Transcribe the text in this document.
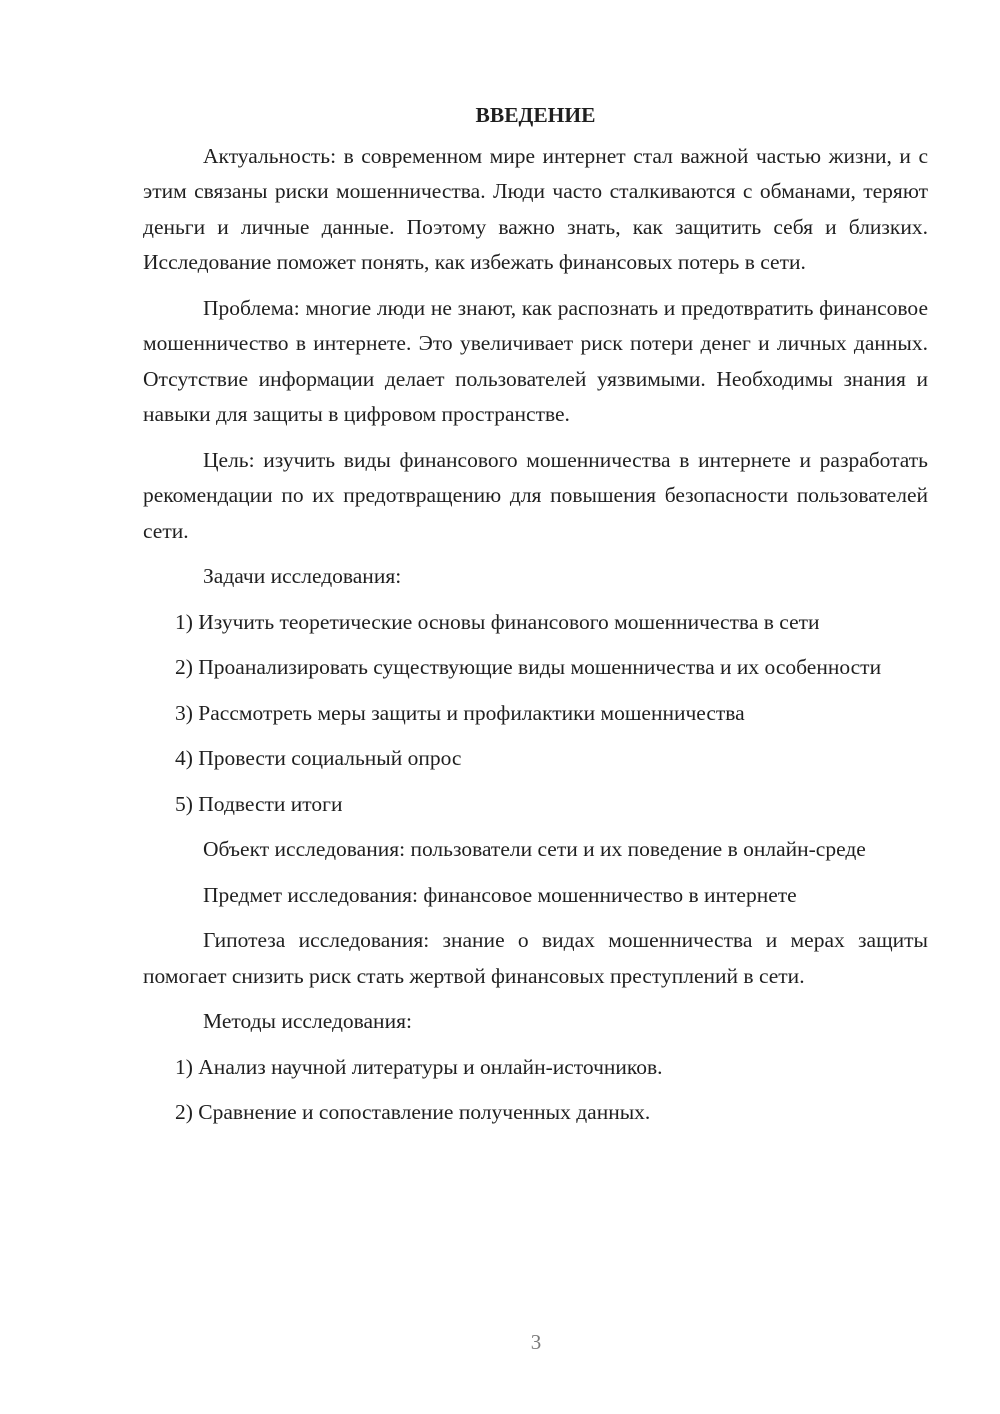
ВВЕДЕНИЕ
Актуальность: в современном мире интернет стал важной частью жизни, и с этим связаны риски мошенничества. Люди часто сталкиваются с обманами, теряют деньги и личные данные. Поэтому важно знать, как защитить себя и близких. Исследование поможет понять, как избежать финансовых потерь в сети.
Проблема: многие люди не знают, как распознать и предотвратить финансовое мошенничество в интернете. Это увеличивает риск потери денег и личных данных. Отсутствие информации делает пользователей уязвимыми. Необходимы знания и навыки для защиты в цифровом пространстве.
Цель: изучить виды финансового мошенничества в интернете и разработать рекомендации по их предотвращению для повышения безопасности пользователей сети.
Задачи исследования:
1) Изучить теоретические основы финансового мошенничества в сети
2) Проанализировать существующие виды мошенничества и их особенности
3) Рассмотреть меры защиты и профилактики мошенничества
4) Провести социальный опрос
5) Подвести итоги
Объект исследования: пользователи сети и их поведение в онлайн-среде
Предмет исследования: финансовое мошенничество в интернете
Гипотеза исследования: знание о видах мошенничества и мерах защиты помогает снизить риск стать жертвой финансовых преступлений в сети.
Методы исследования:
1) Анализ научной литературы и онлайн-источников.
2) Сравнение и сопоставление полученных данных.
3
